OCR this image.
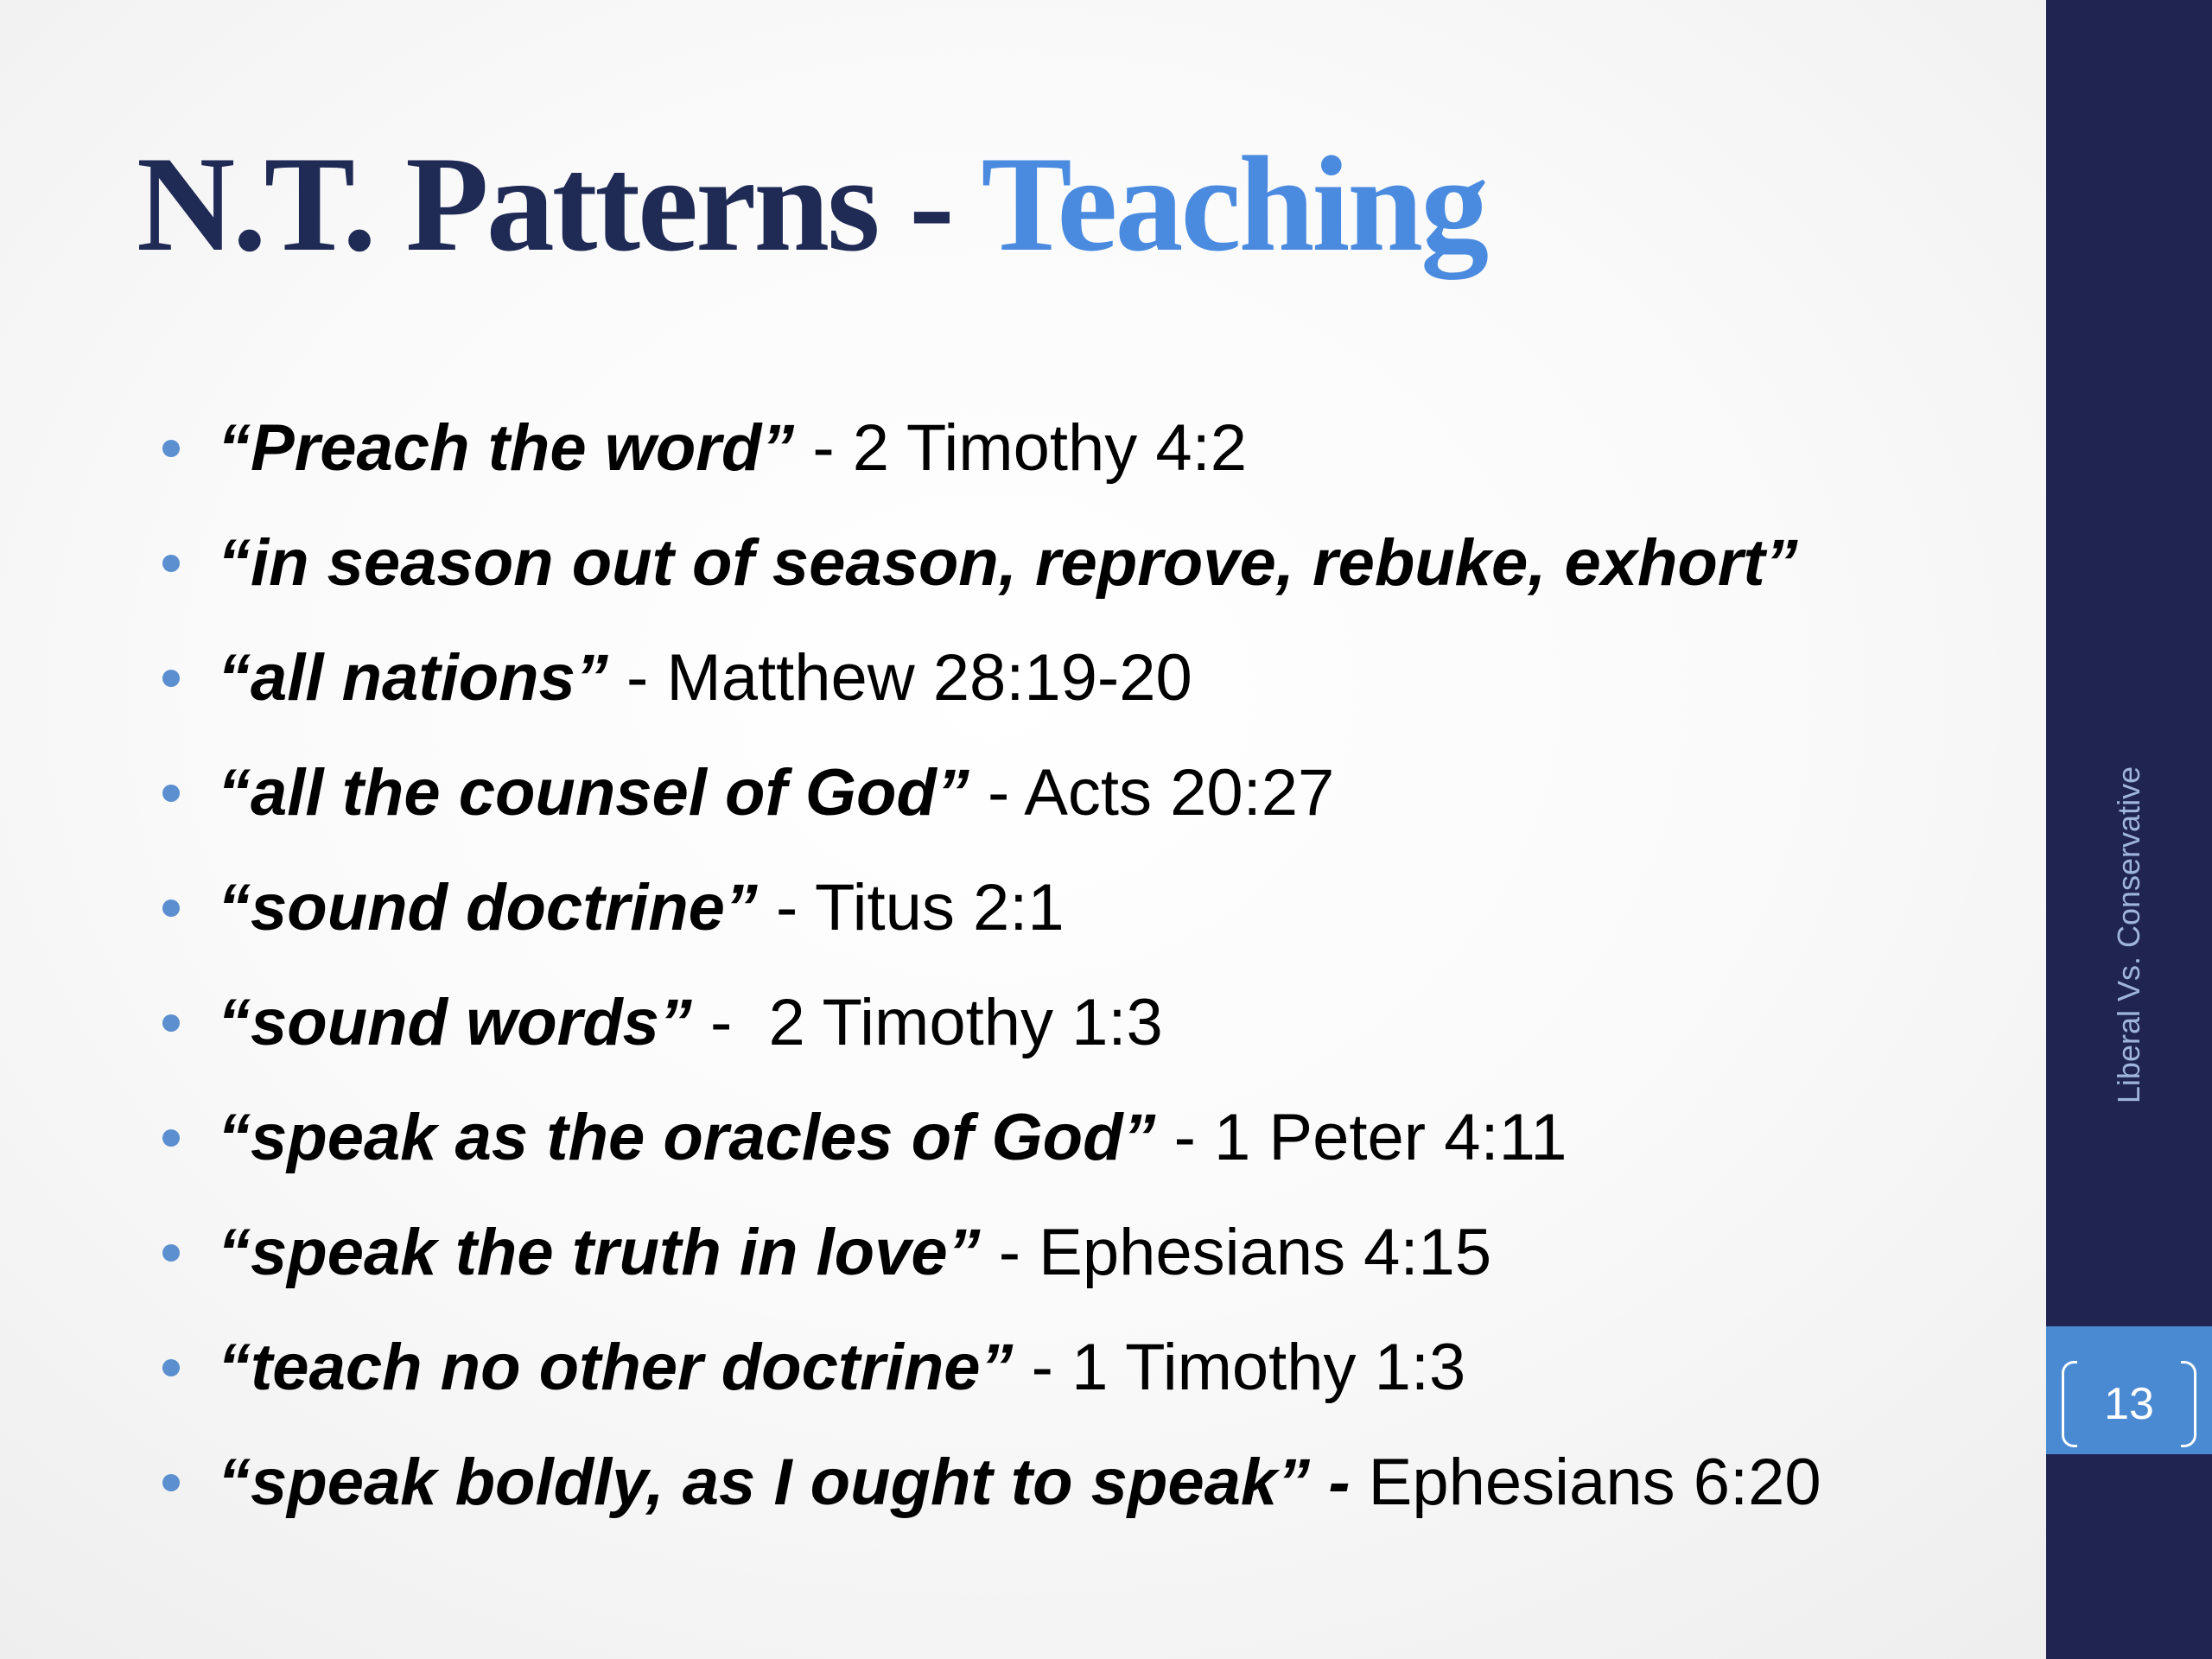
N.T. Patterns - Teaching
“Preach the word” - 2 Timothy 4:2
“in season out of season, reprove, rebuke, exhort”
“all nations” - Matthew 28:19-20
“all the counsel of God” - Acts 20:27
“sound doctrine” - Titus 2:1
“sound words” -  2 Timothy 1:3
“speak as the oracles of God” - 1 Peter 4:11
“speak the truth in love” - Ephesians 4:15
“teach no other doctrine” - 1 Timothy 1:3
“speak boldly, as I ought to speak” - Ephesians 6:20
Liberal Vs. Conservative
13
